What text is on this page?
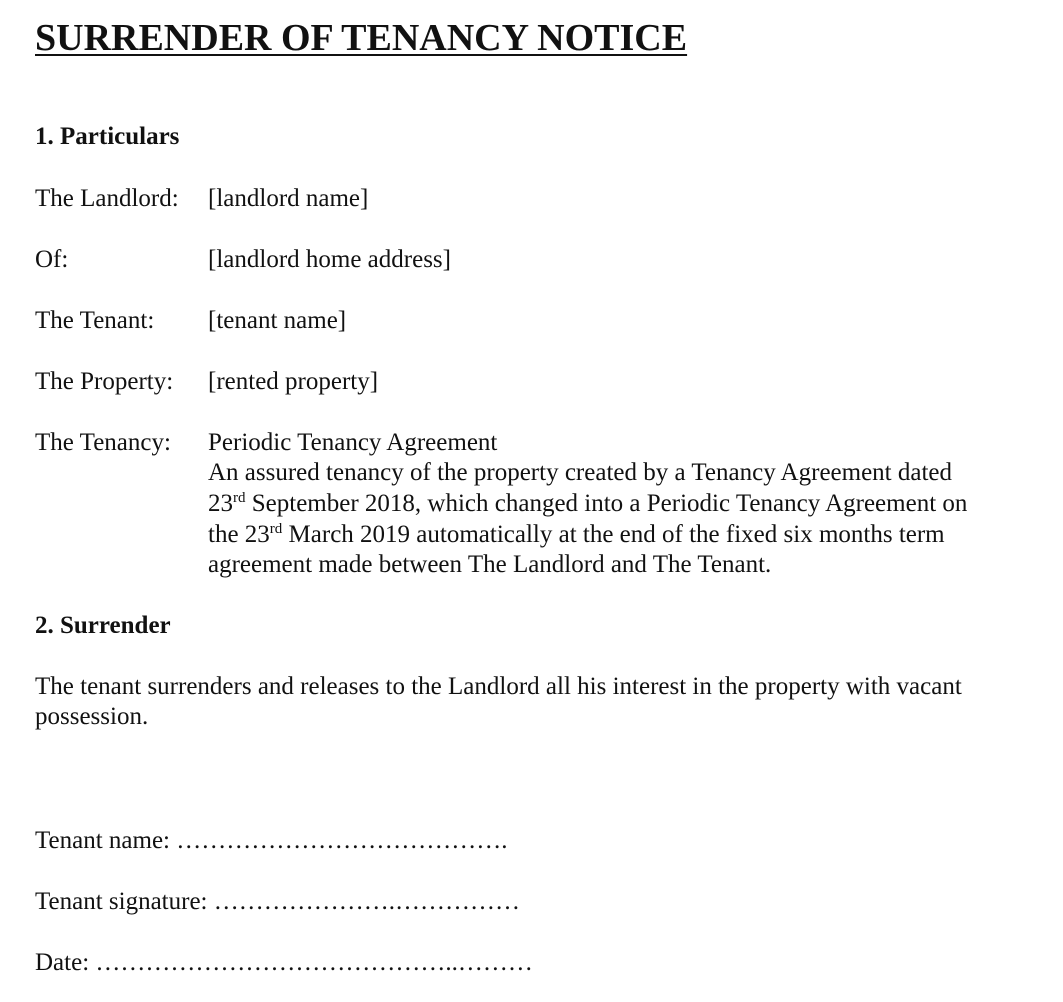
SURRENDER OF TENANCY NOTICE
1. Particulars
The Landlord: [landlord name]
Of:	[landlord home address]
The Tenant: [tenant name]
The Property: [rented property]
The Tenancy: Periodic Tenancy Agreement
An assured tenancy of the property created by a Tenancy Agreement dated
23rd September 2018, which changed into a Periodic Tenancy Agreement on
the 23rd March 2019 automatically at the end of the fixed six months term
agreement made between The Landlord and The Tenant.
2. Surrender

The tenant surrenders and releases to the Landlord all his interest in the property with vacant possession.

Tenant name: ………………………………….
Tenant signature: ………………….……………
Date: ……………………………………..………
